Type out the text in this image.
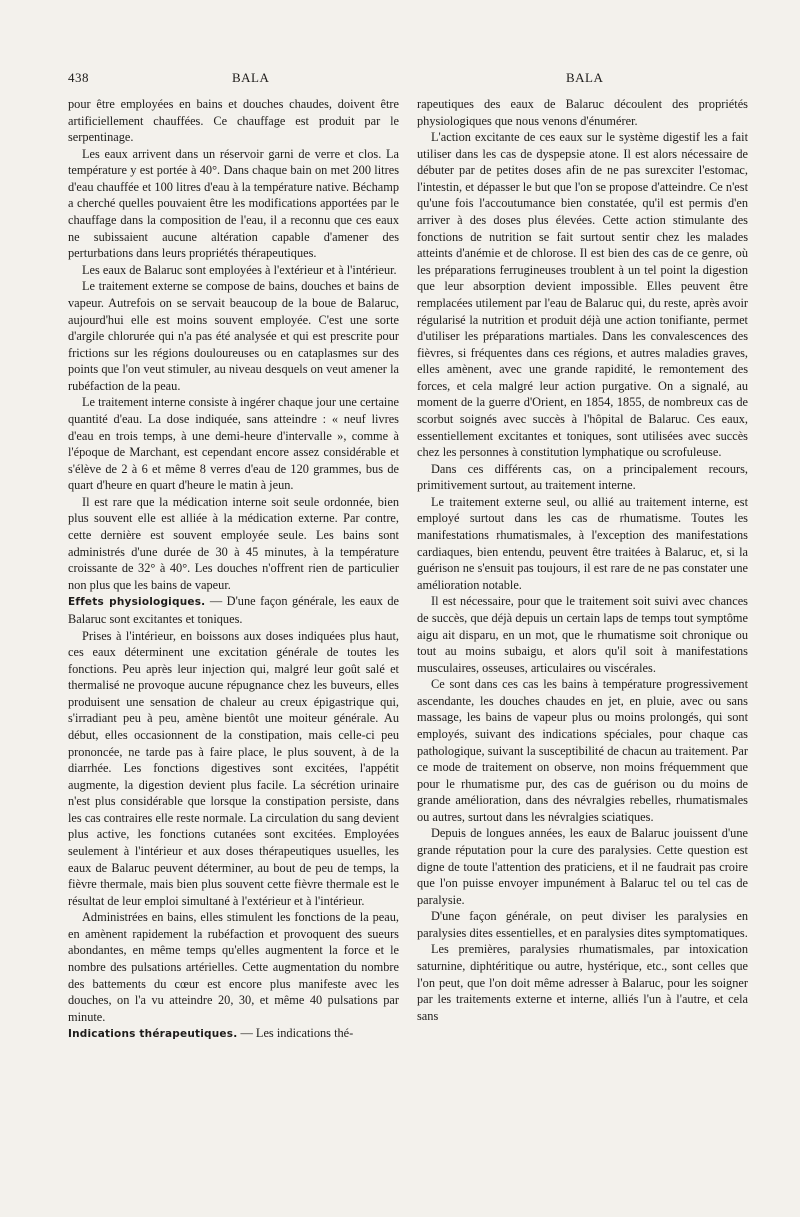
438	BALA	BALA

pour être employées en bains et douches chaudes, doivent être artificiellement chauffées. Ce chauffage est produit par le serpentinage.

Les eaux arrivent dans un réservoir garni de verre et clos. La température y est portée à 40°. Dans chaque bain on met 200 litres d'eau chauffée et 100 litres d'eau à la température native. Béchamp a cherché quelles pouvaient être les modifications apportées par le chauffage dans la composition de l'eau, il a reconnu que ces eaux ne subissaient aucune altération capable d'amener des perturbations dans leurs propriétés thérapeutiques.

Les eaux de Balaruc sont employées à l'extérieur et à l'intérieur.

Le traitement externe se compose de bains, douches et bains de vapeur. Autrefois on se servait beaucoup de la boue de Balaruc, aujourd'hui elle est moins souvent employée. C'est une sorte d'argile chlorurée qui n'a pas été analysée et qui est prescrite pour frictions sur les régions douloureuses ou en cataplasmes sur des points que l'on veut stimuler, au niveau desquels on veut amener la rubéfaction de la peau.

Le traitement interne consiste à ingérer chaque jour une certaine quantité d'eau. La dose indiquée, sans atteindre : « neuf livres d'eau en trois temps, à une demi-heure d'intervalle », comme à l'époque de Marchant, est cependant encore assez considérable et s'élève de 2 à 6 et même 8 verres d'eau de 120 grammes, bus de quart d'heure en quart d'heure le matin à jeun.

Il est rare que la médication interne soit seule ordonnée, bien plus souvent elle est alliée à la médication externe. Par contre, cette dernière est souvent employée seule. Les bains sont administrés d'une durée de 30 à 45 minutes, à la température croissante de 32° à 40°. Les douches n'offrent rien de particulier non plus que les bains de vapeur.

Effets physiologiques. — D'une façon générale, les eaux de Balaruc sont excitantes et toniques.

Prises à l'intérieur, en boissons aux doses indiquées plus haut, ces eaux déterminent une excitation générale de toutes les fonctions. Peu après leur injection qui, malgré leur goût salé et thermalisé ne provoque aucune répugnance chez les buveurs, elles produisent une sensation de chaleur au creux épigastrique qui, s'irradiant peu à peu, amène bientôt une moiteur générale. Au début, elles occasionnent de la constipation, mais celle-ci peu prononcée, ne tarde pas à faire place, le plus souvent, à de la diarrhée. Les fonctions digestives sont excitées, l'appétit augmente, la digestion devient plus facile. La sécrétion urinaire n'est plus considérable que lorsque la constipation persiste, dans les cas contraires elle reste normale. La circulation du sang devient plus active, les fonctions cutanées sont excitées. Employées seulement à l'intérieur et aux doses thérapeutiques usuelles, les eaux de Balaruc peuvent déterminer, au bout de peu de temps, la fièvre thermale, mais bien plus souvent cette fièvre thermale est le résultat de leur emploi simultané à l'extérieur et à l'intérieur.

Administrées en bains, elles stimulent les fonctions de la peau, en amènent rapidement la rubéfaction et provoquent des sueurs abondantes, en même temps qu'elles augmentent la force et le nombre des pulsations artérielles. Cette augmentation du nombre des battements du cœur est encore plus manifeste avec les douches, on l'a vu atteindre 20, 30, et même 40 pulsations par minute.

Indications thérapeutiques. — Les indications thé-

rapeutiques des eaux de Balaruc découlent des propriétés physiologiques que nous venons d'énumérer.

L'action excitante de ces eaux sur le système digestif les a fait utiliser dans les cas de dyspepsie atone. Il est alors nécessaire de débuter par de petites doses afin de ne pas surexciter l'estomac, l'intestin, et dépasser le but que l'on se propose d'atteindre. Ce n'est qu'une fois l'accoutumance bien constatée, qu'il est permis d'en arriver à des doses plus élevées. Cette action stimulante des fonctions de nutrition se fait surtout sentir chez les malades atteints d'anémie et de chlorose. Il est bien des cas de ce genre, où les préparations ferrugineuses troublent à un tel point la digestion que leur absorption devient impossible. Elles peuvent être remplacées utilement par l'eau de Balaruc qui, du reste, après avoir régularisé la nutrition et produit déjà une action tonifiante, permet d'utiliser les préparations martiales. Dans les convalescences des fièvres, si fréquentes dans ces régions, et autres maladies graves, elles amènent, avec une grande rapidité, le remontement des forces, et cela malgré leur action purgative. On a signalé, au moment de la guerre d'Orient, en 1854, 1855, de nombreux cas de scorbut soignés avec succès à l'hôpital de Balaruc. Ces eaux, essentiellement excitantes et toniques, sont utilisées avec succès chez les personnes à constitution lymphatique ou scrofuleuse.

Dans ces différents cas, on a principalement recours, primitivement surtout, au traitement interne.

Le traitement externe seul, ou allié au traitement interne, est employé surtout dans les cas de rhumatisme. Toutes les manifestations rhumatismales, à l'exception des manifestations cardiaques, bien entendu, peuvent être traitées à Balaruc, et, si la guérison ne s'ensuit pas toujours, il est rare de ne pas constater une amélioration notable.

Il est nécessaire, pour que le traitement soit suivi avec chances de succès, que déjà depuis un certain laps de temps tout symptôme aigu ait disparu, en un mot, que le rhumatisme soit chronique ou tout au moins subaigu, et alors qu'il soit à manifestations musculaires, osseuses, articulaires ou viscérales.

Ce sont dans ces cas les bains à température progressivement ascendante, les douches chaudes en jet, en pluie, avec ou sans massage, les bains de vapeur plus ou moins prolongés, qui sont employés, suivant des indications spéciales, pour chaque cas pathologique, suivant la susceptibilité de chacun au traitement. Par ce mode de traitement on observe, non moins fréquemment que pour le rhumatisme pur, des cas de guérison ou du moins de grande amélioration, dans des névralgies rebelles, rhumatismales ou autres, surtout dans les névralgies sciatiques.

Depuis de longues années, les eaux de Balaruc jouissent d'une grande réputation pour la cure des paralysies. Cette question est digne de toute l'attention des praticiens, et il ne faudrait pas croire que l'on puisse envoyer impunément à Balaruc tel ou tel cas de paralysie.

D'une façon générale, on peut diviser les paralysies en paralysies dites essentielles, et en paralysies dites symptomatiques.

Les premières, paralysies rhumatismales, par intoxication saturnine, diphtéritique ou autre, hystérique, etc., sont celles que l'on peut, que l'on doit même adresser à Balaruc, pour les soigner par les traitements externe et interne, alliés l'un à l'autre, et cela sans
